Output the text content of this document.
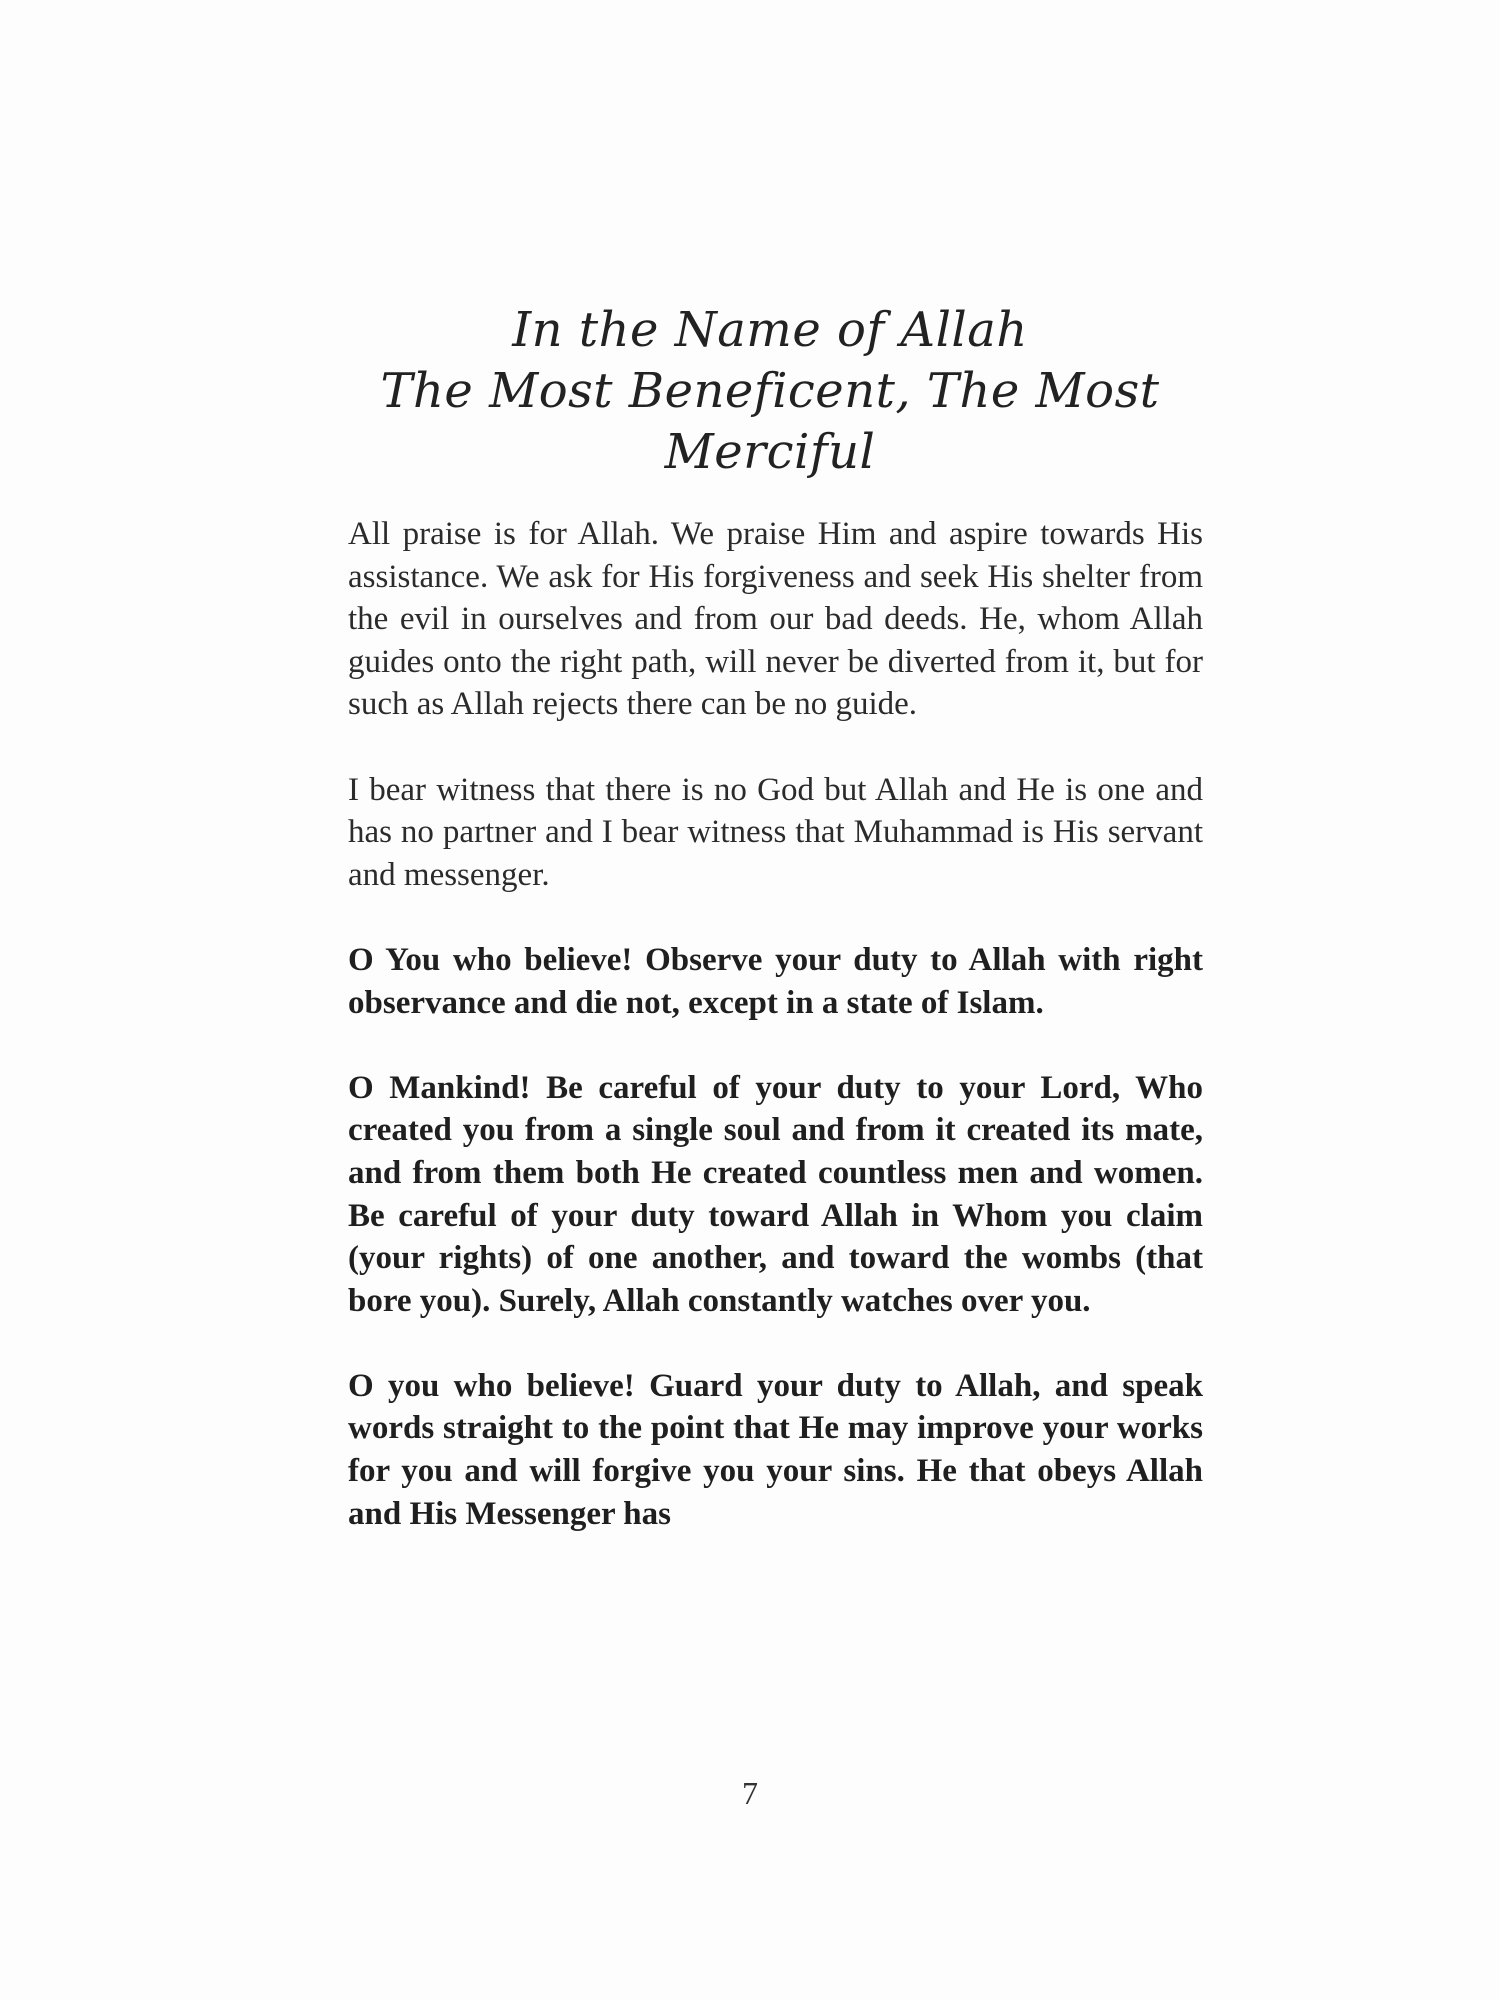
In the Name of Allah
The Most Beneficent, The Most
Merciful

All praise is for Allah. We praise Him and aspire towards His assistance. We ask for His forgiveness and seek His shelter from the evil in ourselves and from our bad deeds. He, whom Allah guides onto the right path, will never be diverted from it, but for such as Allah rejects there can be no guide.

I bear witness that there is no God but Allah and He is one and has no partner and I bear witness that Muhammad is His servant and messenger.

O You who believe! Observe your duty to Allah with right observance and die not, except in a state of Islam.

O Mankind! Be careful of your duty to your Lord, Who created you from a single soul and from it created its mate, and from them both He created countless men and women. Be careful of your duty toward Allah in Whom you claim (your rights) of one another, and toward the wombs (that bore you). Surely, Allah constantly watches over you.

O you who believe! Guard your duty to Allah, and speak words straight to the point that He may improve your works for you and will forgive you your sins. He that obeys Allah and His Messenger has

7
